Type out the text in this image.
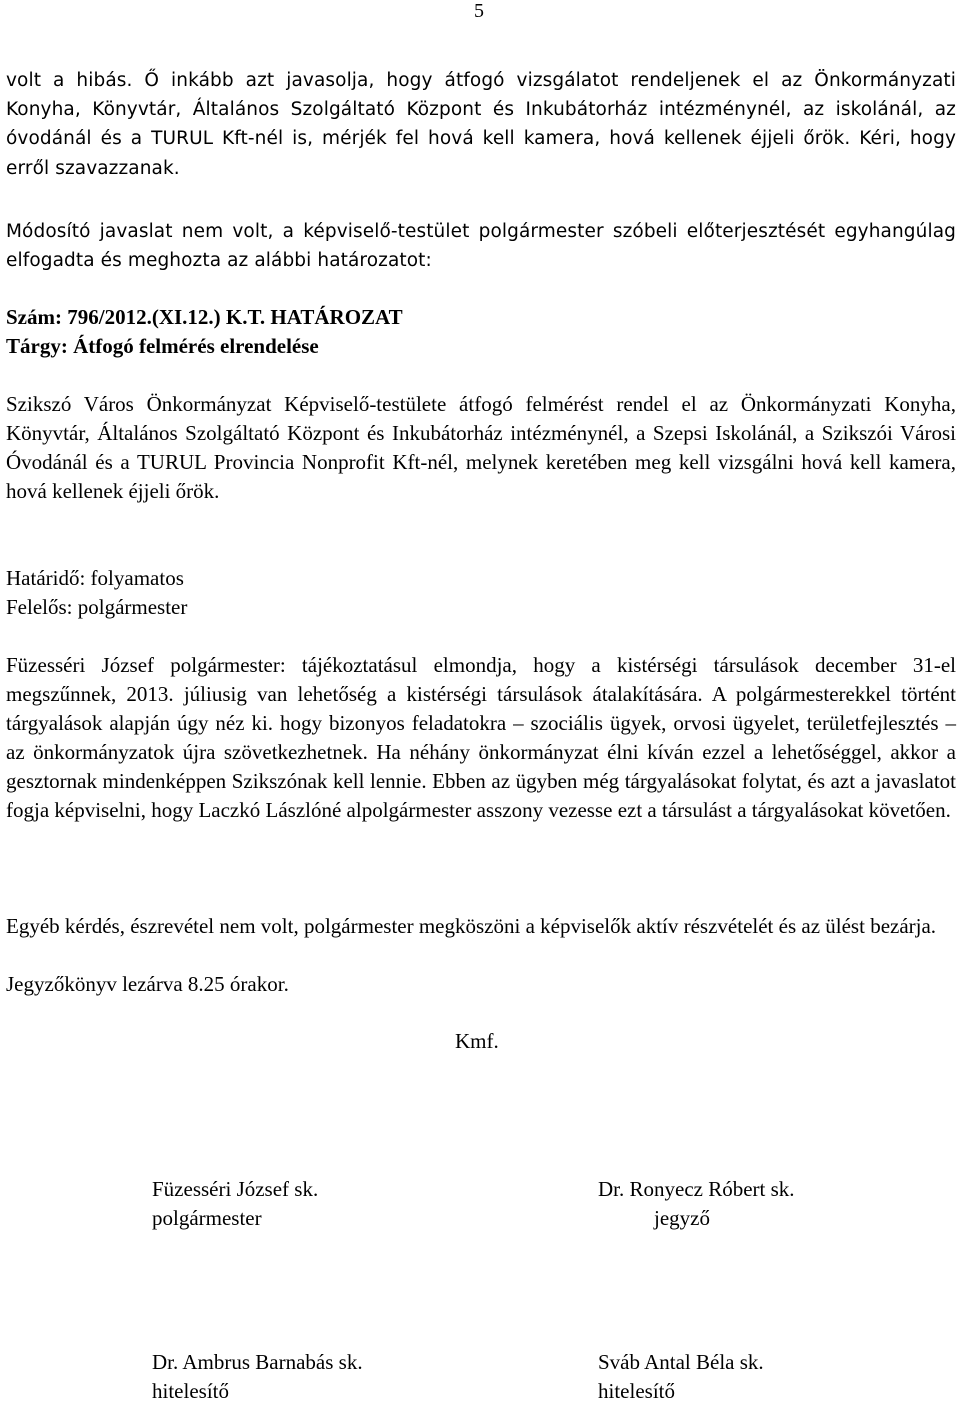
5

volt a hibás. Ő inkább azt javasolja, hogy átfogó vizsgálatot rendeljenek el az Önkormányzati Konyha, Könyvtár, Általános Szolgáltató Központ és Inkubátorház intézménynél, az iskolánál, az óvodánál és a TURUL Kft-nél is, mérjék fel hová kell kamera, hová kellenek éjjeli őrök. Kéri, hogy erről szavazzanak.

Módosító javaslat nem volt, a képviselő-testület polgármester szóbeli előterjesztését egyhangúlag elfogadta és meghozta az alábbi határozatot:

Szám: 796/2012.(XI.12.) K.T. HATÁROZAT
Tárgy: Átfogó felmérés elrendelése

Szikszó Város Önkormányzat Képviselő-testülete átfogó felmérést rendel el az Önkormányzati Konyha, Könyvtár, Általános Szolgáltató Központ és Inkubátorház intézménynél, a Szepsi Iskolánál, a Szikszói Városi Óvodánál és a TURUL Provincia Nonprofit Kft-nél, melynek keretében meg kell vizsgálni hová kell kamera, hová kellenek éjjeli őrök.

Határidő: folyamatos
Felelős: polgármester

Füzesséri József polgármester: tájékoztatásul elmondja, hogy a kistérségi társulások december 31-el megszűnnek, 2013. júliusig van lehetőség a kistérségi társulások átalakítására. A polgármesterekkel történt tárgyalások alapján úgy néz ki. hogy bizonyos feladatokra – szociális ügyek, orvosi ügyelet, területfejlesztés – az önkormányzatok újra szövetkezhetnek. Ha néhány önkormányzat élni kíván ezzel a lehetőséggel, akkor a gesztornak mindenképpen Szikszónak kell lennie. Ebben az ügyben még tárgyalásokat folytat, és azt a javaslatot fogja képviselni, hogy Laczkó Lászlóné alpolgármester asszony vezesse ezt a társulást a tárgyalásokat követően.

Egyéb kérdés, észrevétel nem volt, polgármester megköszöni a képviselők aktív részvételét és az ülést bezárja.

Jegyzőkönyv lezárva 8.25 órakor.
Kmf.
Füzesséri József sk.
polgármester
Dr. Ronyecz Róbert sk.
jegyző
Dr. Ambrus Barnabás sk.
hitelesítő
Sváb Antal Béla sk.
hitelesítő
